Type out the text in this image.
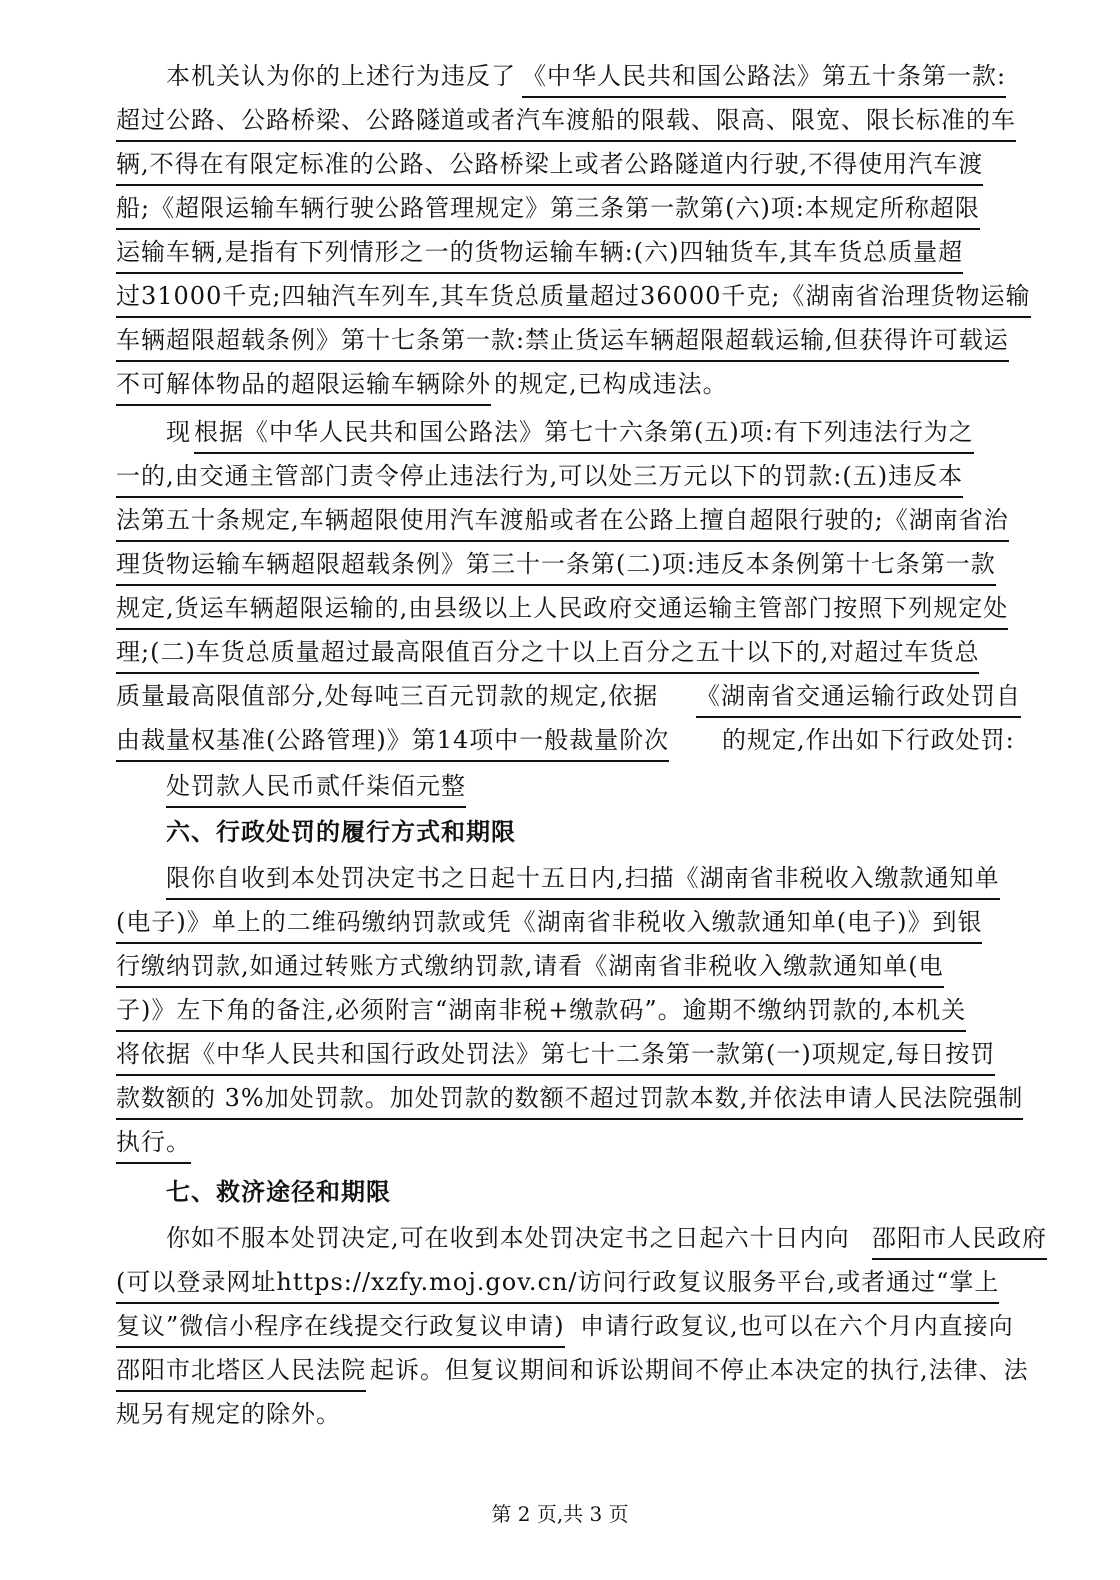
本机关认为你的上述行为违反了 《中华人民共和国公路法》第五十条第一款:
超过公路、公路桥梁、公路隧道或者汽车渡船的限载、限高、限宽、限长标准的车
辆,不得在有限定标准的公路、公路桥梁上或者公路隧道内行驶,不得使用汽车渡
船;《超限运输车辆行驶公路管理规定》第三条第一款第(六)项:本规定所称超限
运输车辆,是指有下列情形之一的货物运输车辆:(六)四轴货车,其车货总质量超
过31000千克;四轴汽车列车,其车货总质量超过36000千克;《湖南省治理货物运输
车辆超限超载条例》第十七条第一款:禁止货运车辆超限超载运输,但获得许可载运
不可解体物品的超限运输车辆除外 的规定,已构成违法。
现 根据《中华人民共和国公路法》第七十六条第(五)项:有下列违法行为之
一的,由交通主管部门责令停止违法行为,可以处三万元以下的罚款:(五)违反本
法第五十条规定,车辆超限使用汽车渡船或者在公路上擅自超限行驶的;《湖南省治
理货物运输车辆超限超载条例》第三十一条第(二)项:违反本条例第十七条第一款
规定,货运车辆超限运输的,由县级以上人民政府交通运输主管部门按照下列规定处
理;(二)车货总质量超过最高限值百分之十以上百分之五十以下的,对超过车货总
质量最高限值部分,处每吨三百元罚款的规定,依据 《湖南省交通运输行政处罚自
由裁量权基准(公路管理)》第14项中一般裁量阶次 的规定,作出如下行政处罚:
处罚款人民币贰仟柒佰元整
六、行政处罚的履行方式和期限
限你自收到本处罚决定书之日起十五日内,扫描《湖南省非税收入缴款通知单
(电子)》单上的二维码缴纳罚款或凭《湖南省非税收入缴款通知单(电子)》到银
行缴纳罚款,如通过转账方式缴纳罚款,请看《湖南省非税收入缴款通知单(电
子)》左下角的备注,必须附言“湖南非税+缴款码”。逾期不缴纳罚款的,本机关
将依据《中华人民共和国行政处罚法》第七十二条第一款第(一)项规定,每日按罚
款数额的 3%加处罚款。加处罚款的数额不超过罚款本数,并依法申请人民法院强制
执行。
七、救济途径和期限
你如不服本处罚决定,可在收到本处罚决定书之日起六十日内向 邵阳市人民政府
(可以登录网址https://xzfy.moj.gov.cn/访问行政复议服务平台,或者通过“掌上
复议”微信小程序在线提交行政复议申请) 申请行政复议,也可以在六个月内直接向
邵阳市北塔区人民法院 起诉。但复议期间和诉讼期间不停止本决定的执行,法律、法
规另有规定的除外。
第 2 页,共 3 页
